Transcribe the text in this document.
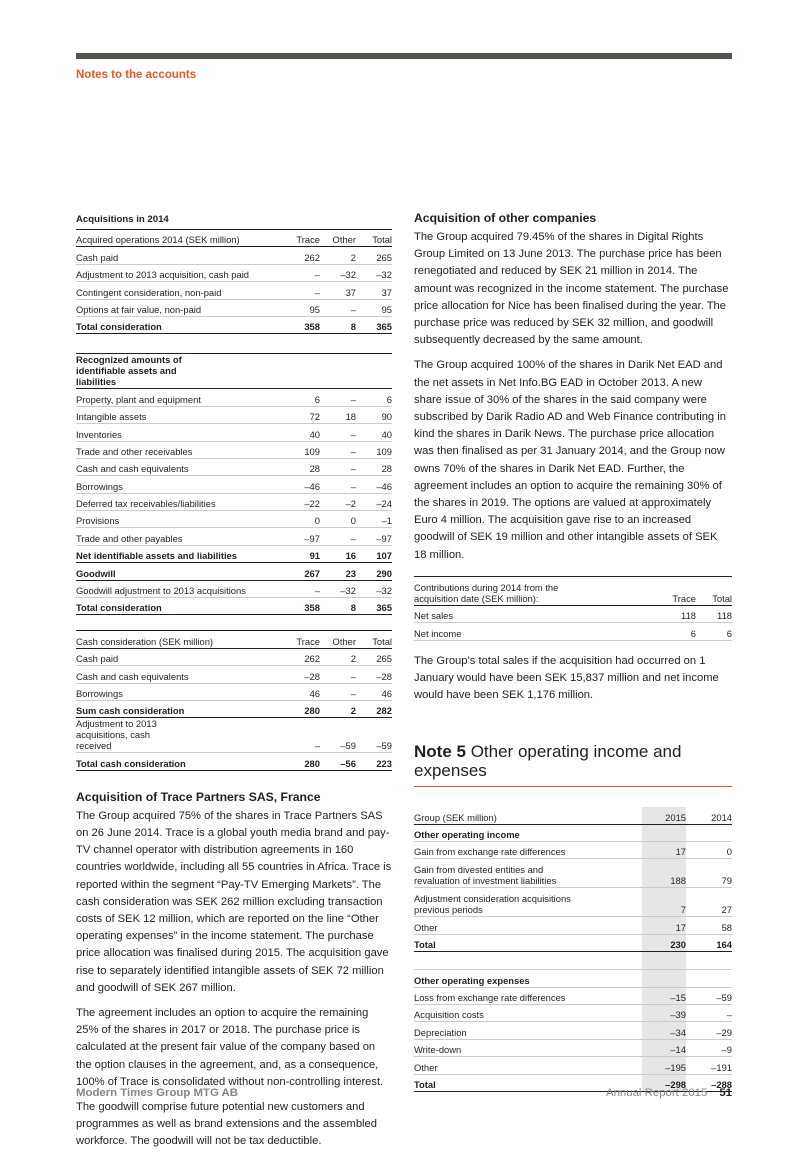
Notes to the accounts
Acquisitions in 2014
Acquired operations 2014 (SEK million)	Trace	Other	Total
Cash paid	262	2	265
Adjustment to 2013 acquisition, cash paid	–	–32	–32
Contingent consideration, non-paid	–	37	37
Options at fair value, non-paid	95	–	95
Total consideration	358	8	365
Recognized amounts of identifiable assets and liabilities			
Property, plant and equipment	6	–	6
Intangible assets	72	18	90
Inventories	40	–	40
Trade and other receivables	109	–	109
Cash and cash equivalents	28	–	28
Borrowings	–46	–	–46
Deferred tax receivables/liabilities	–22	–2	–24
Provisions	0	0	–1
Trade and other payables	–97	–	–97
Net identifiable assets and liabilities	91	16	107
Goodwill	267	23	290
Goodwill adjustment to 2013 acquisitions	–	–32	–32
Total consideration	358	8	365
Cash consideration (SEK million)	Trace	Other	Total
Cash paid	262	2	265
Cash and cash equivalents	–28	–	–28
Borrowings	46	–	46
Sum cash consideration	280	2	282
Adjustment to 2013 acquisitions, cash received	–	–59	–59
Total cash consideration	280	–56	223
Acquisition of Trace Partners SAS, France

The Group acquired 75% of the shares in Trace Partners SAS on 26 June 2014. Trace is a global youth media brand and pay-TV channel operator with distribution agreements in 160 countries worldwide, including all 55 countries in Africa. Trace is reported within the segment “Pay-TV Emerging Markets”. The cash consideration was SEK 262 million excluding transaction costs of SEK 12 million, which are reported on the line “Other operating expenses” in the income statement. The purchase price allocation was finalised during 2015. The acquisition gave rise to separately identified intangible assets of SEK 72 million and goodwill of SEK 267 million.

The agreement includes an option to acquire the remaining 25% of the shares in 2017 or 2018. The purchase price is calculated at the present fair value of the company based on the option clauses in the agreement, and, as a consequence, 100% of Trace is consolidated without non-controlling interest.

The goodwill comprise future potential new customers and programmes as well as brand extensions and the assembled workforce. The goodwill will not be tax deductible.

Acquisition of other companies

The Group acquired 79.45% of the shares in Digital Rights Group Limited on 13 June 2013. The purchase price has been renegotiated and reduced by SEK 21 million in 2014. The amount was recognized in the income statement. The purchase price allocation for Nice has been finalised during the year. The purchase price was reduced by SEK 32 million, and goodwill subsequently decreased by the same amount.

The Group acquired 100% of the shares in Darik Net EAD and the net assets in Net Info.BG EAD in October 2013. A new share issue of 30% of the shares in the said company were subscribed by Darik Radio AD and Web Finance contributing in kind the shares in Darik News. The purchase price allocation was then finalised as per 31 January 2014, and the Group now owns 70% of the shares in Darik Net EAD. Further, the agreement includes an option to acquire the remaining 30% of the shares in 2019. The options are valued at approximately Euro 4 million. The acquisition gave rise to an increased goodwill of SEK 19 million and other intangible assets of SEK 18 million.

Contributions during 2014 from the acquisition date (SEK million):	Trace	Total
Net sales	118	118
Net income	6	6

The Group’s total sales if the acquisition had occurred on 1 January would have been SEK 15,837 million and net income would have been SEK 1,176 million.

Note 5 Other operating income and expenses
Group (SEK million)	2015	2014
Other operating income		
Gain from exchange rate differences	17	0
Gain from divested entities and revaluation of investment liabilities	188	79
Adjustment consideration acquisitions previous periods	7	27
Other	17	58
Total	230	164

Other operating expenses		
Loss from exchange rate differences	–15	–59
Acquisition costs	–39	–
Depreciation	–34	–29
Write-down	–14	–9
Other	–195	–191
Total	–298	–288
Modern Times Group MTG AB	Annual Report 2015 51
